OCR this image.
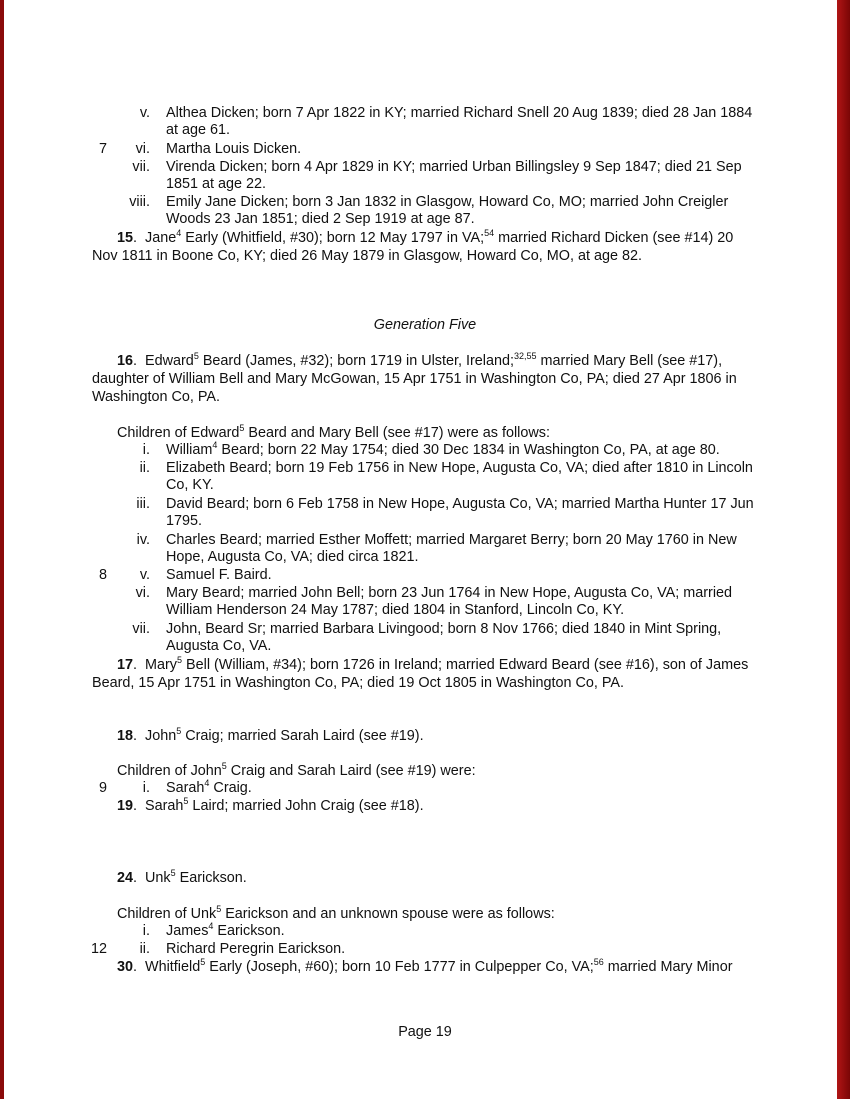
v. Althea Dicken; born 7 Apr 1822 in KY; married Richard Snell 20 Aug 1839; died 28 Jan 1884
at age 61.
7	vi. Martha Louis Dicken.
vii. Virenda Dicken; born 4 Apr 1829 in KY; married Urban Billingsley 9 Sep 1847; died 21 Sep
1851 at age 22.
viii. Emily Jane Dicken; born 3 Jan 1832 in Glasgow, Howard Co, MO; married John Creigler
Woods 23 Jan 1851; died 2 Sep 1919 at age 87.
15.  Jane$^4$ Early (Whitfield, #30); born 12 May 1797 in VA;$^{54}$ married Richard Dicken (see #14) 20
Nov 1811 in Boone Co, KY; died 26 May 1879 in Glasgow, Howard Co, MO, at age 82.
Generation Five
16.  Edward$^5$ Beard (James, #32); born 1719 in Ulster, Ireland;$^{32,55}$ married Mary Bell (see #17),
daughter of William Bell and Mary McGowan, 15 Apr 1751 in Washington Co, PA; died 27 Apr 1806 in
Washington Co, PA.
Children of Edward$^5$ Beard and Mary Bell (see #17) were as follows:
i. William$^4$ Beard; born 22 May 1754; died 30 Dec 1834 in Washington Co, PA, at age 80.
ii. Elizabeth Beard; born 19 Feb 1756 in New Hope, Augusta Co, VA; died after 1810 in Lincoln
Co, KY.
iii. David Beard; born 6 Feb 1758 in New Hope, Augusta Co, VA; married Martha Hunter 17 Jun
1795.
iv. Charles Beard; married Esther Moffett; married Margaret Berry; born 20 May 1760 in New
Hope, Augusta Co, VA; died circa 1821.
8	v. Samuel F. Baird.
vi. Mary Beard; married John Bell; born 23 Jun 1764 in New Hope, Augusta Co, VA; married
William Henderson 24 May 1787; died 1804 in Stanford, Lincoln Co, KY.
vii. John, Beard Sr; married Barbara Livingood; born 8 Nov 1766; died 1840 in Mint Spring,
Augusta Co, VA.
17.  Mary$^5$ Bell (William, #34); born 1726 in Ireland; married Edward Beard (see #16), son of James
Beard, 15 Apr 1751 in Washington Co, PA; died 19 Oct 1805 in Washington Co, PA.
18.  John$^5$ Craig; married Sarah Laird (see #19).
Children of John$^5$ Craig and Sarah Laird (see #19) were:
9	i. Sarah$^4$ Craig.
19.  Sarah$^5$ Laird; married John Craig (see #18).
24.  Unk$^5$ Earickson.
Children of Unk$^5$ Earickson and an unknown spouse were as follows:
i. James$^4$ Earickson.
12	ii. Richard Peregrin Earickson.
30.  Whitfield$^5$ Early (Joseph, #60); born 10 Feb 1777 in Culpepper Co, VA;$^{56}$ married Mary Minor
Page 19
